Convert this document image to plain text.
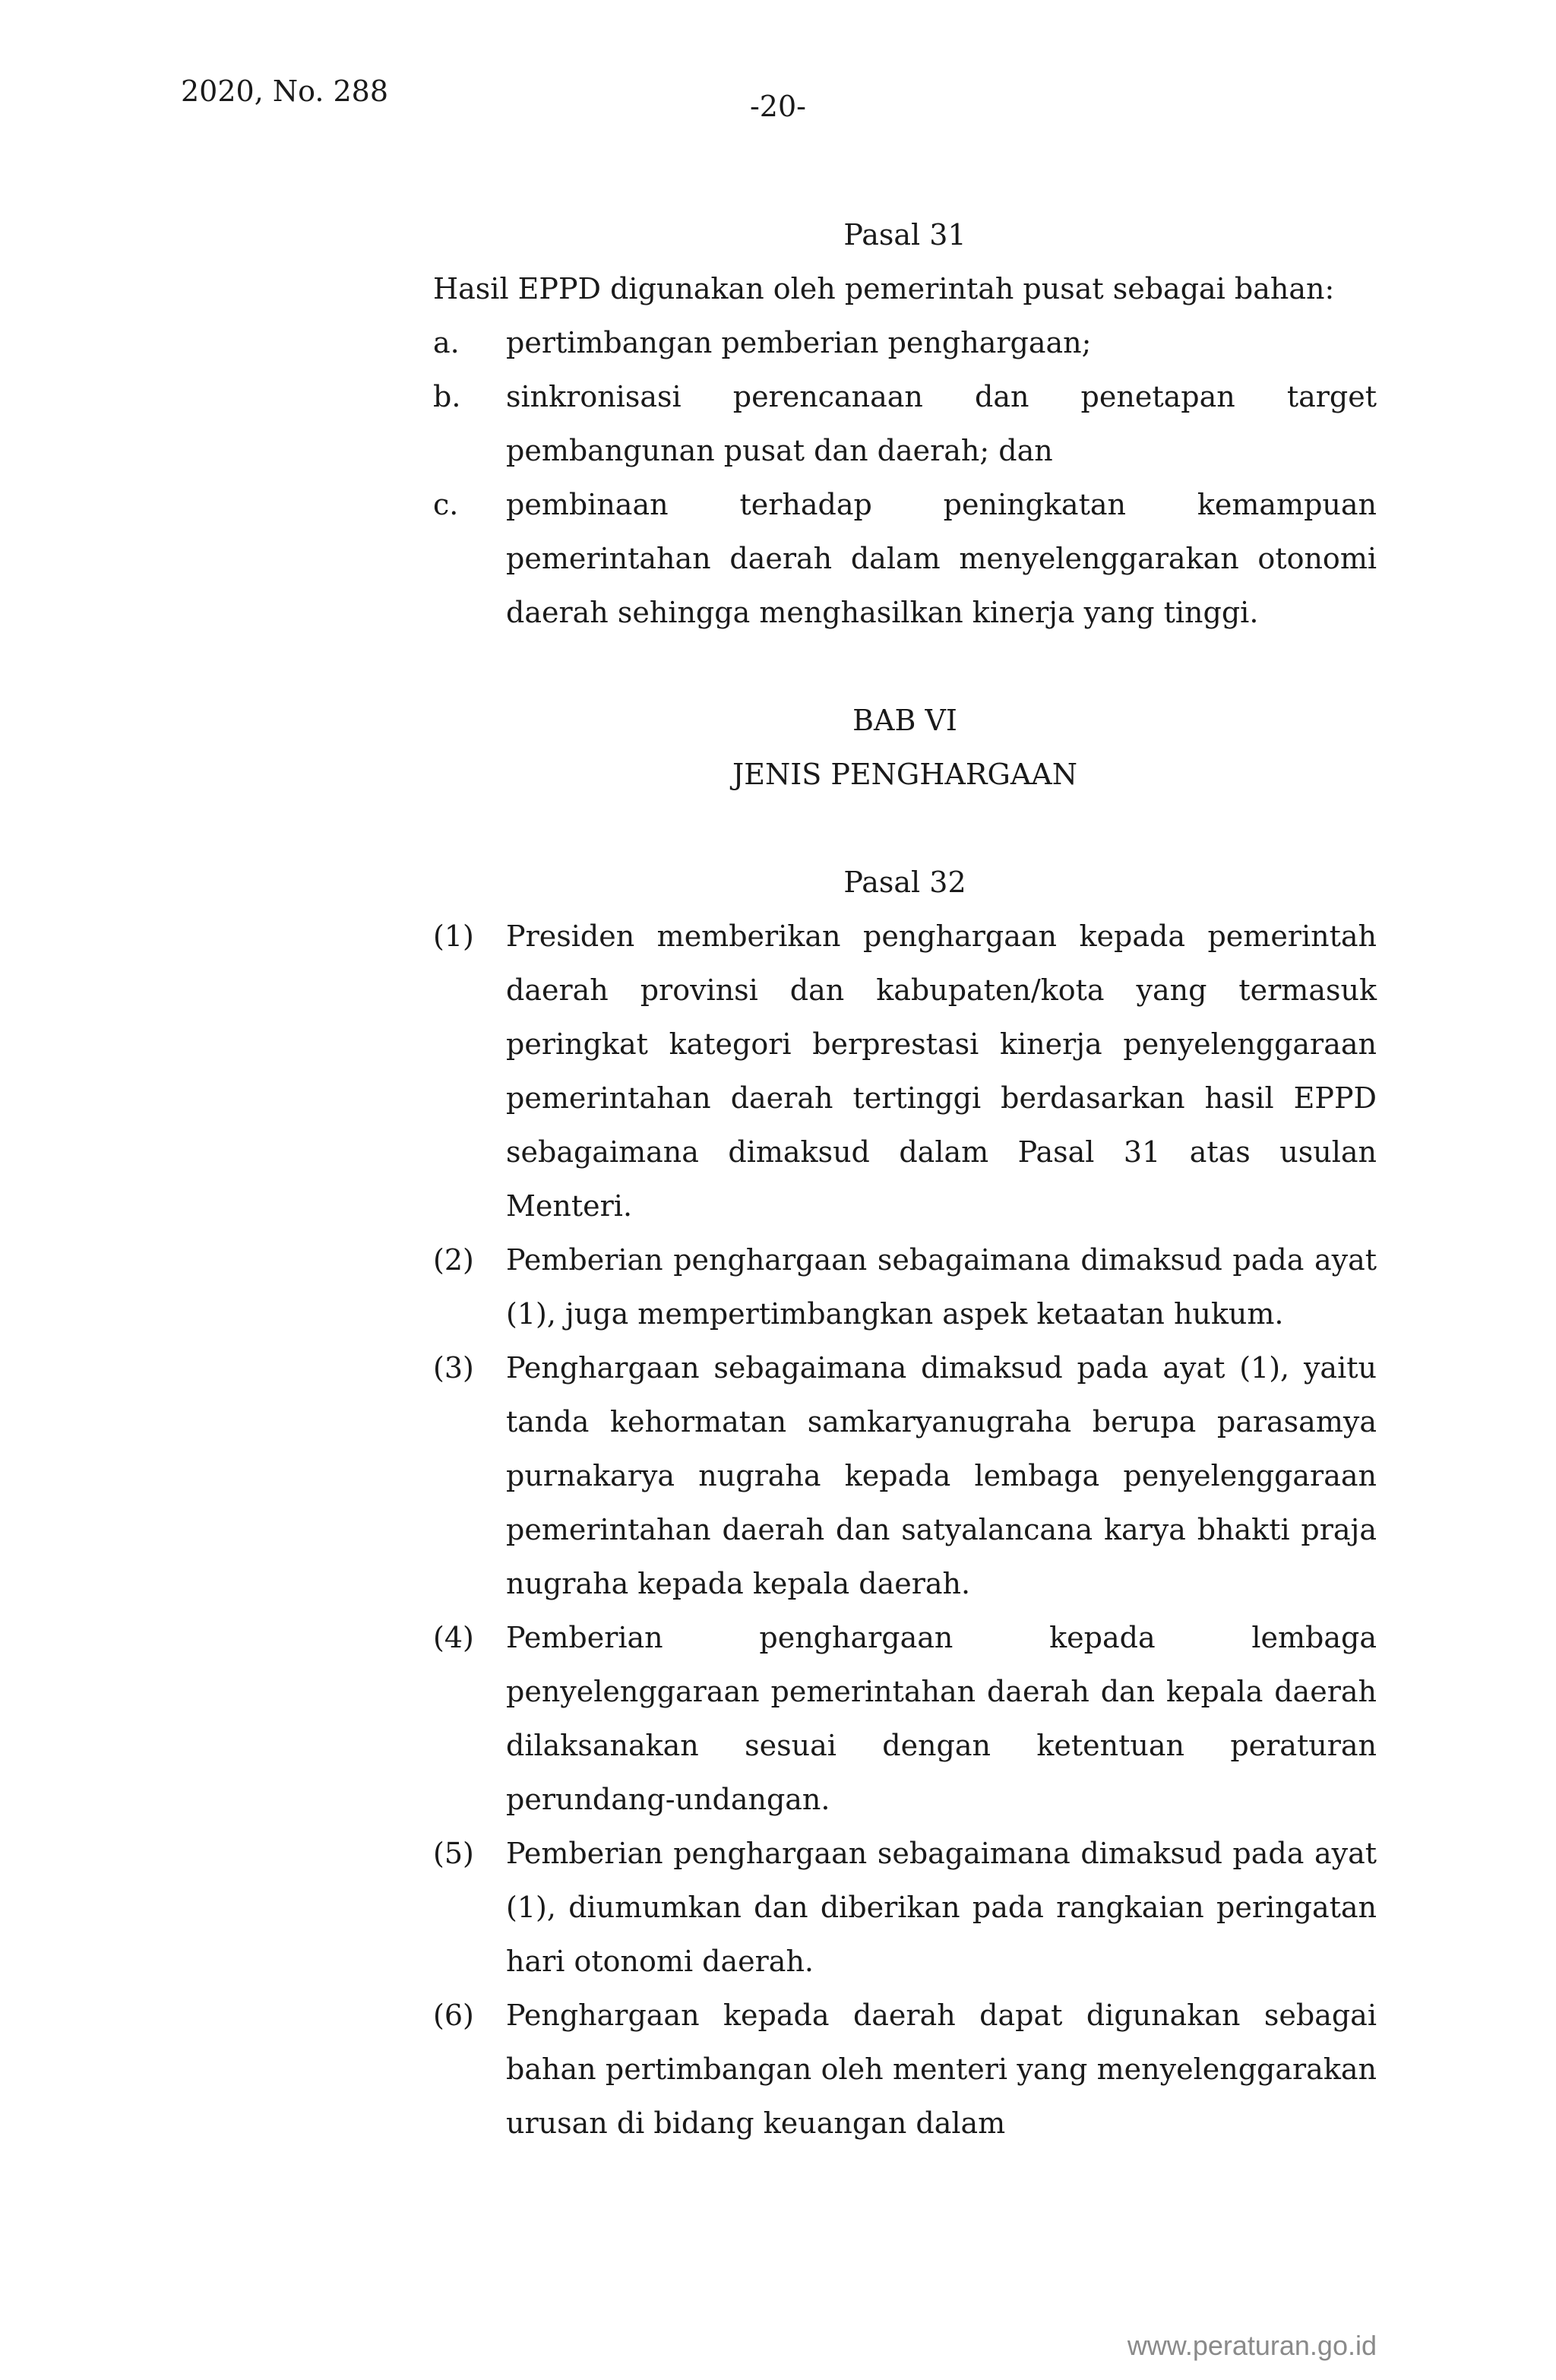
2020, No. 288	-20-
Pasal 31

Hasil EPPD digunakan oleh pemerintah pusat sebagai bahan:

a.	pertimbangan pemberian penghargaan;
b.	sinkronisasi perencanaan dan penetapan target pembangunan pusat dan daerah; dan
c.	pembinaan terhadap peningkatan kemampuan pemerintahan daerah dalam menyelenggarakan otonomi daerah sehingga menghasilkan kinerja yang tinggi.
BAB VI
JENIS PENGHARGAAN
Pasal 32
(1)	Presiden memberikan penghargaan kepada pemerintah daerah provinsi dan kabupaten/kota yang termasuk peringkat kategori berprestasi kinerja penyelenggaraan pemerintahan daerah tertinggi berdasarkan hasil EPPD sebagaimana dimaksud dalam Pasal 31 atas usulan Menteri.
(2)	Pemberian penghargaan sebagaimana dimaksud pada ayat (1), juga mempertimbangkan aspek ketaatan hukum.
(3)	Penghargaan sebagaimana dimaksud pada ayat (1), yaitu tanda kehormatan samkaryanugraha berupa parasamya purnakarya nugraha kepada lembaga penyelenggaraan pemerintahan daerah dan satyalancana karya bhakti praja nugraha kepada kepala daerah.
(4)	Pemberian penghargaan kepada lembaga penyelenggaraan pemerintahan daerah dan kepala daerah dilaksanakan sesuai dengan ketentuan peraturan perundang-undangan.
(5)	Pemberian penghargaan sebagaimana dimaksud pada ayat (1), diumumkan dan diberikan pada rangkaian peringatan hari otonomi daerah.
(6)	Penghargaan kepada daerah dapat digunakan sebagai bahan pertimbangan oleh menteri yang menyelenggarakan urusan di bidang keuangan dalam
www.peraturan.go.id
